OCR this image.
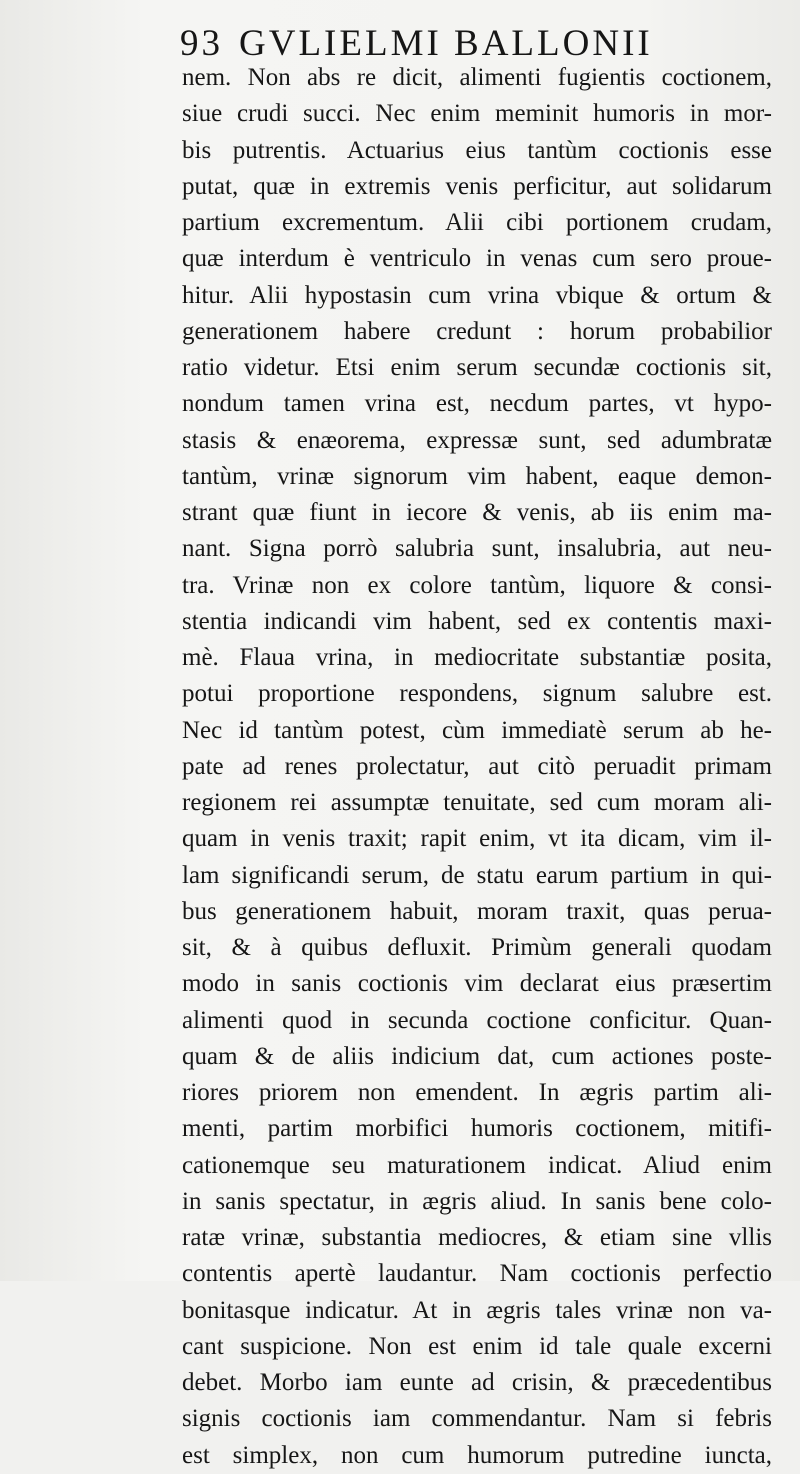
93 GVLIELMI BALLONII
nem. Non abs re dicit, alimenti fugientis coctionem,
siue crudi succi. Nec enim meminit humoris in mor-
bis putrentis. Actuarius eius tantùm coctionis esse
putat, quæ in extremis venis perficitur, aut solidarum
partium excrementum. Alii cibi portionem crudam,
quæ interdum è ventriculo in venas cum sero proue-
hitur. Alii hypostasin cum vrina vbique & ortum &
generationem habere credunt : horum probabilior
ratio videtur. Etsi enim serum secundæ coctionis sit,
nondum tamen vrina est, necdum partes, vt hypo-
stasis & enæorema, expressæ sunt, sed adumbratæ
tantùm, vrinæ signorum vim habent, eaque demon-
strant quæ fiunt in iecore & venis, ab iis enim ma-
nant. Signa porrò salubria sunt, insalubria, aut neu-
tra. Vrinæ non ex colore tantùm, liquore & consi-
stentia indicandi vim habent, sed ex contentis maxi-
mè. Flaua vrina, in mediocritate substantiæ posita,
potui proportione respondens, signum salubre est.
Nec id tantùm potest, cùm immediatè serum ab he-
pate ad renes prolectatur, aut citò peruadit primam
regionem rei assumptæ tenuitate, sed cum moram ali-
quam in venis traxit; rapit enim, vt ita dicam, vim il-
lam significandi serum, de statu earum partium in qui-
bus generationem habuit, moram traxit, quas perua-
sit, & à quibus defluxit. Primùm generali quodam
modo in sanis coctionis vim declarat eius præsertim
alimenti quod in secunda coctione conficitur. Quan-
quam & de aliis indicium dat, cum actiones poste-
riores priorem non emendent. In ægris partim ali-
menti, partim morbifici humoris coctionem, mitifi-
cationemque seu maturationem indicat. Aliud enim
in sanis spectatur, in ægris aliud. In sanis bene colo-
ratæ vrinæ, substantia mediocres, & etiam sine vllis
contentis apertè laudantur. Nam coctionis perfectio
bonitasque indicatur. At in ægris tales vrinæ non va-
cant suspicione. Non est enim id tale quale excerni
debet. Morbo iam eunte ad crisin, & præcedentibus
signis coctionis iam commendantur. Nam si febris
est simplex, non cum humorum putredine iuncta,
